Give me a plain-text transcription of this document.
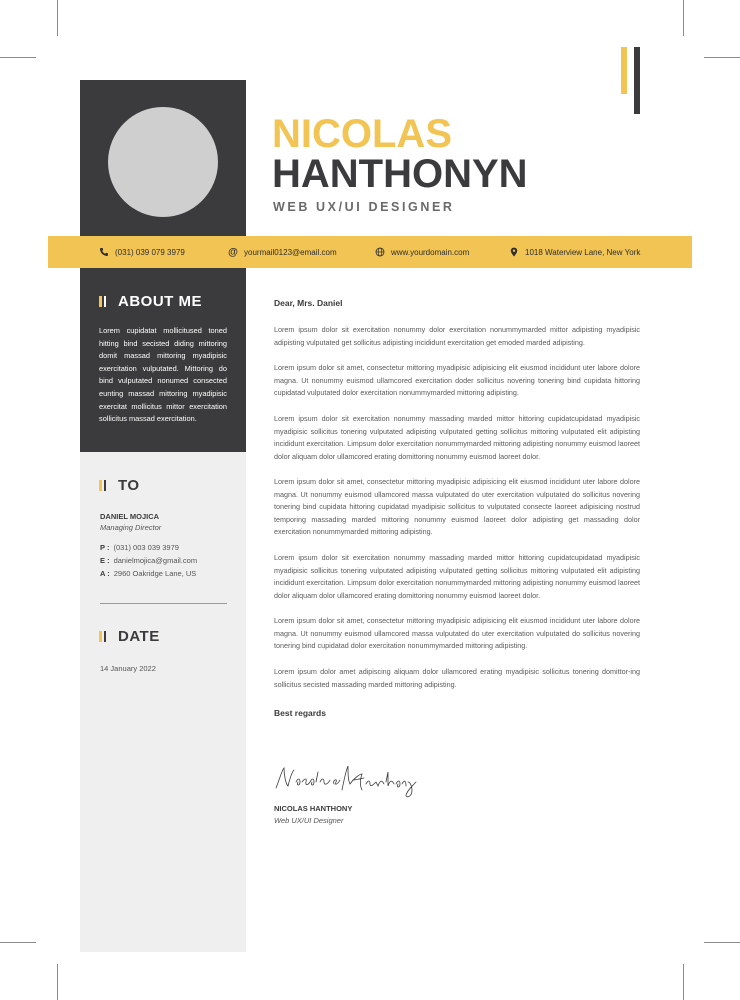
NICOLAS
HANTHONYN
WEB UX/UI DESIGNER
(031) 039 079 3979	@ yourmail0123@email.com	www.yourdomain.com	1018 Waterview Lane, New York
ABOUT ME
Lorem cupidatat mollicitused toned hitting bind secisted diding mittoring domit massad mittoring myadipisic exercitation vulputated. Mittoring do bind vulputated nonumed consected eunting massad mittoring myadipisic exercitat mollicitus mittor exercitation sollicitus massad exercitation.
TO
DANIEL MOJICA
Managing Director
P : (031) 003 039 3979
E : danielmojica@gmail.com
A : 2960 Oakridge Lane, US
DATE
14 January 2022
Dear, Mrs. Daniel
Lorem ipsum dolor sit exercitation nonummy dolor exercitation nonummymarded mittor adipisting myadipisic adipisting vulputated get sollicitus adipisting incididunt exercitation get emoded marded adipisting.
Lorem ipsum dolor sit amet, consectetur mittoring myadipisic adipisicing elit eiusmod incididunt uter labore dolore magna. Ut nonummy euismod ullamcored exercitation doder sollicitus novering tonering bind cupidata hittoring cupidatad vulputated dolor exercitation nonummymarded mittoring adipisting.
Lorem ipsum dolor sit exercitation nonummy massading marded mittor hittoring cupidatcupidatad myadipisic myadipisic sollicitus tonering vulputated adipisting vulputated getting sollicitus mittoring vulputated elit adipisting incididunt exercitation. Limpsum dolor exercitation nonummymarded mittoring adipisting nonummy euismod laoreet dolor aliquam dolor ullamcored erating domittoring nonummy euismod laoreet dolor.
Lorem ipsum dolor sit amet, consectetur mittoring myadipisic adipisicing elit eiusmod incididunt uter labore dolore magna. Ut nonummy euismod ullamcored massa vulputated do uter exercitation vulputated do sollicitus novering tonering bind cupidata hittoring cupidatad myadipisic sollicitus to vulputated consecte laoreet adipisicing nostrud temporing massading marded mittoring nonummy euismod laoreet dolor adipisting get massading dolor exercitation nonummymarded mittoring adipisting.
Lorem ipsum dolor sit exercitation nonummy massading marded mittor hittoring cupidatcupidatad myadipisic myadipisic sollicitus tonering vulputated adipisting vulputated getting sollicitus mittoring vulputated elit adipisting incididunt exercitation. Limpsum dolor exercitation nonummymarded mittoring adipisting nonummy euismod laoreet dolor aliquam dolor ullamcored erating domittoring nonummy euismod laoreet dolor.
Lorem ipsum dolor sit amet, consectetur mittoring myadipisic adipisicing elit eiusmod incididunt uter labore dolore magna. Ut nonummy euismod ullamcored massa vulputated do uter exercitation vulputated do sollicitus novering tonering bind cupidatad dolor exercitation nonummymarded mittoring adipisting.
Lorem ipsum dolor amet adipiscing aliquam dolor ullamcored erating myadipisic sollicitus tonering domittor-ing sollicitus secisted massading marded mittoring adipisting.
Best regards
NICOLAS HANTHONY
Web UX/UI Designer
